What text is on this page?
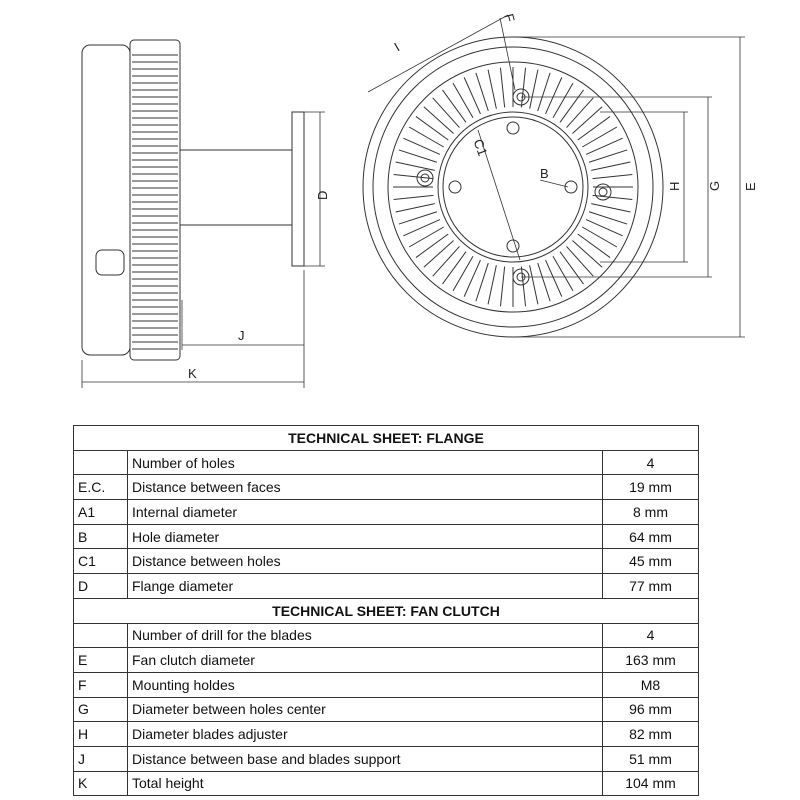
K
J
D
E
G
H
I
F
C1
B
TECHNICAL SHEET: FLANGE		
	Number of holes	4
E.C.	Distance between faces	19 mm
A1	Internal diameter	8 mm
B	Hole diameter	64 mm
C1	Distance between holes	45 mm
D	Flange diameter	77 mm
TECHNICAL SHEET: FAN CLUTCH		
	Number of drill for the blades	4
E	Fan clutch diameter	163 mm
F	Mounting holdes	M8
G	Diameter between holes center	96 mm
H	Diameter blades adjuster	82 mm
J	Distance between base and blades support	51 mm
K	Total height	104 mm
